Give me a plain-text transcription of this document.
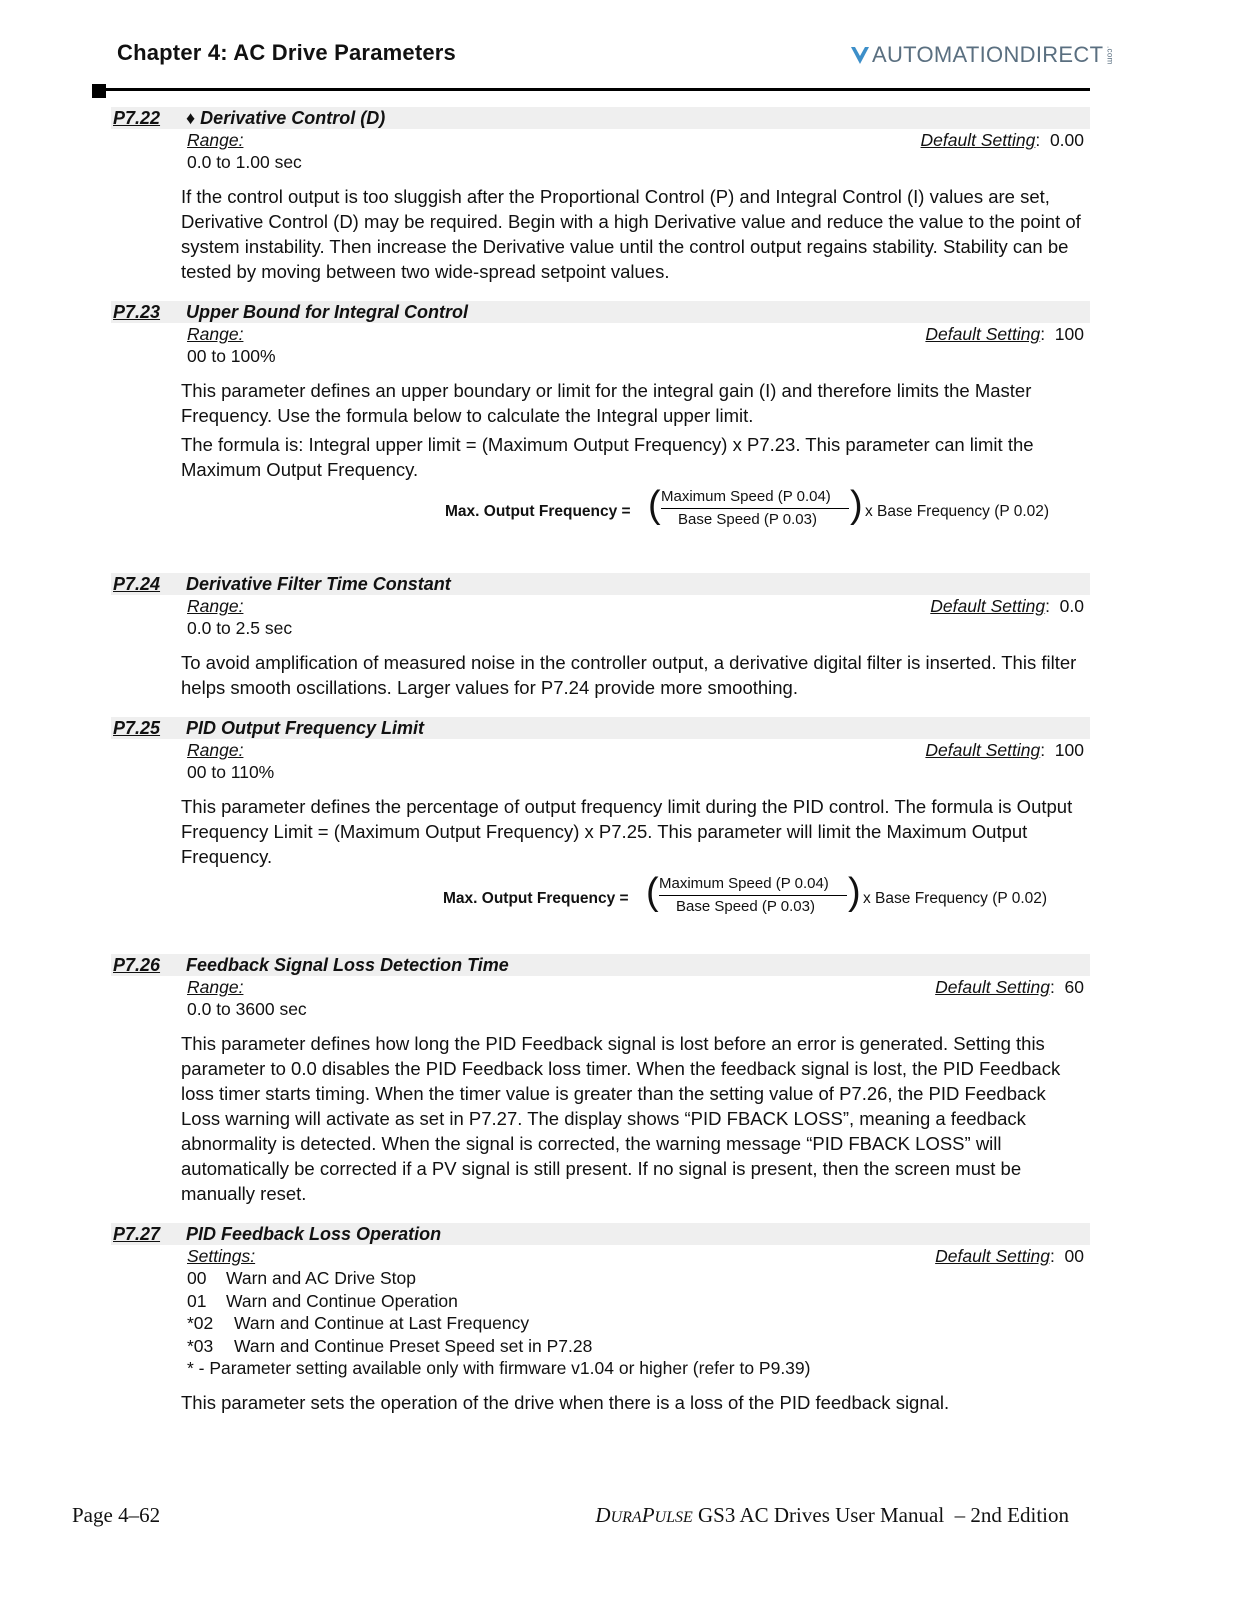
Chapter 4: AC Drive Parameters	AUTOMATIONDIRECT .com
P7.22 ♦ Derivative Control (D)
Range:	Default Setting:  0.00
0.0 to 1.00 sec

If the control output is too sluggish after the Proportional Control (P) and Integral Control (I) values are set, Derivative Control (D) may be required. Begin with a high Derivative value and reduce the value to the point of system instability. Then increase the Derivative value until the control output regains stability. Stability can be tested by moving between two wide-spread setpoint values.

P7.23 Upper Bound for Integral Control
Range:	Default Setting:  100
00 to 100%

This parameter defines an upper boundary or limit for the integral gain (I) and therefore limits the Master Frequency. Use the formula below to calculate the Integral upper limit.

The formula is: Integral upper limit = (Maximum Output Frequency) x P7.23. This parameter can limit the Maximum Output Frequency.

Max. Output Frequency = ( Maximum Speed (P 0.04)
Base Speed (P 0.03) ) x Base Frequency (P 0.02)
P7.24 Derivative Filter Time Constant
Range:	Default Setting:  0.0
0.0 to 2.5 sec

To avoid amplification of measured noise in the controller output, a derivative digital filter is inserted. This filter helps smooth oscillations. Larger values for P7.24 provide more smoothing.

P7.25 PID Output Frequency Limit
Range:	Default Setting:  100
00 to 110%

This parameter defines the percentage of output frequency limit during the PID control. The formula is Output Frequency Limit = (Maximum Output Frequency) x P7.25. This parameter will limit the Maximum Output Frequency.

Max. Output Frequency = ( Maximum Speed (P 0.04)
Base Speed (P 0.03) ) x Base Frequency (P 0.02)
P7.26 Feedback Signal Loss Detection Time
Range:	Default Setting:  60
0.0 to 3600 sec

This parameter defines how long the PID Feedback signal is lost before an error is generated. Setting this parameter to 0.0 disables the PID Feedback loss timer. When the feedback signal is lost, the PID Feedback loss timer starts timing. When the timer value is greater than the setting value of P7.26, the PID Feedback Loss warning will activate as set in P7.27. The display shows “PID FBACK LOSS”, meaning a feedback abnormality is detected. When the signal is corrected, the warning message “PID FBACK LOSS” will automatically be corrected if a PV signal is still present. If no signal is present, then the screen must be manually reset.

P7.27 PID Feedback Loss Operation
Settings:	Default Setting:  00
00 Warn and AC Drive Stop
01 Warn and Continue Operation
*02 Warn and Continue at Last Frequency
*03 Warn and Continue Preset Speed set in P7.28
* - Parameter setting available only with firmware v1.04 or higher (refer to P9.39)

This parameter sets the operation of the drive when there is a loss of the PID feedback signal.

Page 4–62	DURAPULSE GS3 AC Drives User Manual  – 2nd Edition
